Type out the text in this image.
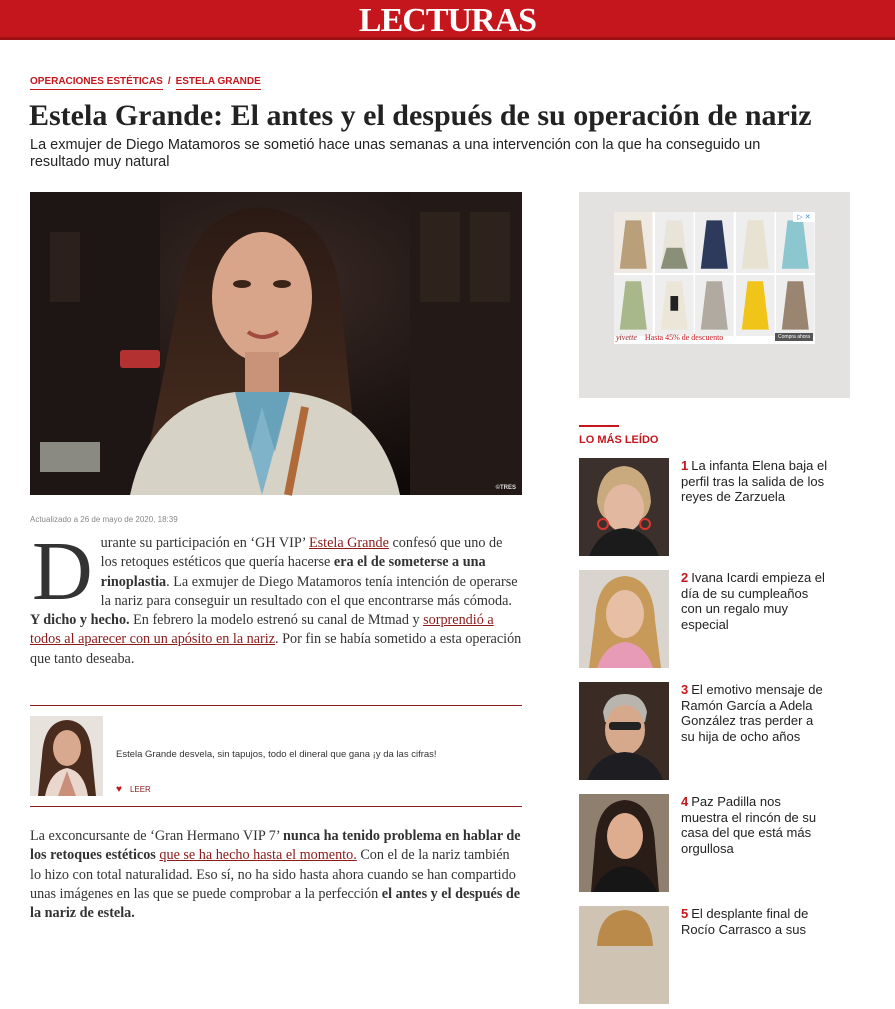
LECTURAS
OPERACIONES ESTÉTICAS / ESTELA GRANDE
Estela Grande: El antes y el después de su operación de nariz
La exmujer de Diego Matamoros se sometió hace unas semanas a una intervención con la que ha conseguido un resultado muy natural
©TRES
Actualizado a 26 de mayo de 2020, 18:39
Durante su participación en ‘GH VIP’ Estela Grande confesó que uno de los retoques estéticos que quería hacerse era el de someterse a una rinoplastia. La exmujer de Diego Matamoros tenía intención de operarse la nariz para conseguir un resultado con el que encontrarse más cómoda. Y dicho y hecho. En febrero la modelo estrenó su canal de Mtmad y sorprendió a todos al aparecer con un apósito en la nariz. Por fin se había sometido a esta operación que tanto deseaba.
Estela Grande desvela, sin tapujos, todo el dineral que gana ¡y da las cifras!
♥ LEER
La exconcursante de ‘Gran Hermano VIP 7’ nunca ha tenido problema en hablar de los retoques estéticos que se ha hecho hasta el momento. Con el de la nariz también lo hizo con total naturalidad. Eso sí, no ha sido hasta ahora cuando se han compartido unas imágenes en las que se puede comprobar a la perfección el antes y el después de la nariz de estela.
▷ ✕
yivette Hasta 45% de descuento	Compra ahora
LO MÁS LEÍDO
1 La infanta Elena baja el perfil tras la salida de los reyes de Zarzuela
2 Ivana Icardi empieza el día de su cumpleaños con un regalo muy especial
3 El emotivo mensaje de Ramón García a Adela González tras perder a su hija de ocho años
4 Paz Padilla nos muestra el rincón de su casa del que está más orgullosa
5 El desplante final de Rocío Carrasco a sus
